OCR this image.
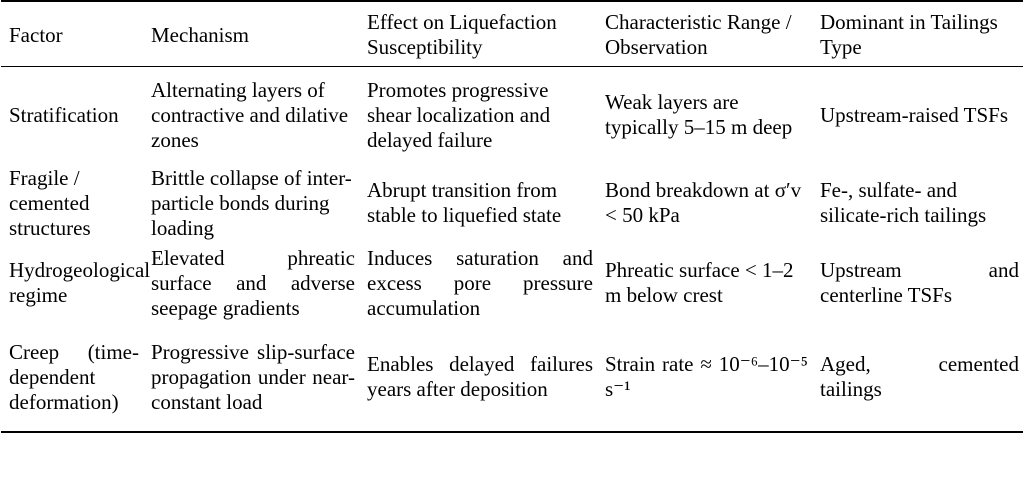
Factor	Mechanism	Effect on Liquefaction Susceptibility	Characteristic Range / Observation	Dominant in Tailings Type
Stratification	Alternating layers of contractive and dilative zones	Promotes progressive shear localization and delayed failure	Weak layers are typically 5–15 m deep	Upstream-raised TSFs
Fragile / cemented structures	Brittle collapse of inter-particle bonds during loading	Abrupt transition from stable to liquefied state	Bond breakdown at σ′v < 50 kPa	Fe-, sulfate- and silicate-rich tailings
Hydrogeological regime	Elevated phreatic surface and adverse seepage gradients	Induces saturation and excess pore pressure accumulation	Phreatic surface < 1–2 m below crest	Upstream and centerline TSFs
Creep (time-dependent deformation)	Progressive slip-surface propagation under near-constant load	Enables delayed failures years after deposition	Strain rate ≈ 10⁻⁶–10⁻⁵ s⁻¹	Aged, cemented tailings
